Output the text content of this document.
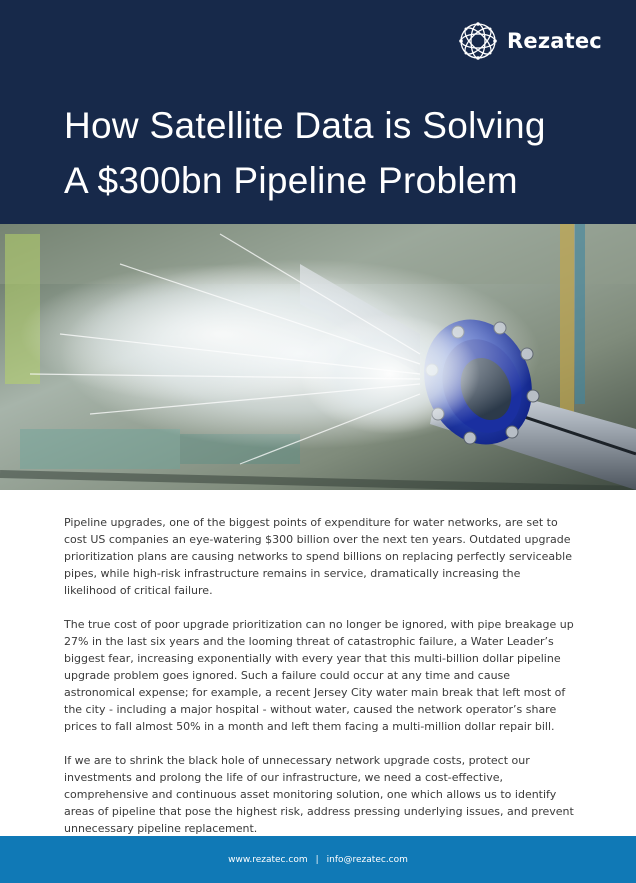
Rezatec
How Satellite Data is Solving
A $300bn Pipeline Problem

Pipeline upgrades, one of the biggest points of expenditure for water networks, are set to cost US companies an eye-watering $300 billion over the next ten years. Outdated upgrade prioritization plans are causing networks to spend billions on replacing perfectly serviceable pipes, while high-risk infrastructure remains in service, dramatically increasing the likelihood of critical failure.

The true cost of poor upgrade prioritization can no longer be ignored, with pipe breakage up 27% in the last six years and the looming threat of catastrophic failure, a Water Leader’s biggest fear, increasing exponentially with every year that this multi-billion dollar pipeline upgrade problem goes ignored. Such a failure could occur at any time and cause astronomical expense; for example, a recent Jersey City water main break that left most of the city - including a major hospital - without water, caused the network operator’s share prices to fall almost 50% in a month and left them facing a multi-million dollar repair bill.

If we are to shrink the black hole of unnecessary network upgrade costs, protect our investments and prolong the life of our infrastructure, we need a cost-effective, comprehensive and continuous asset monitoring solution, one which allows us to identify areas of pipeline that pose the highest risk, address pressing underlying issues, and prevent unnecessary pipeline replacement.

www.rezatec.com | info@rezatec.com
